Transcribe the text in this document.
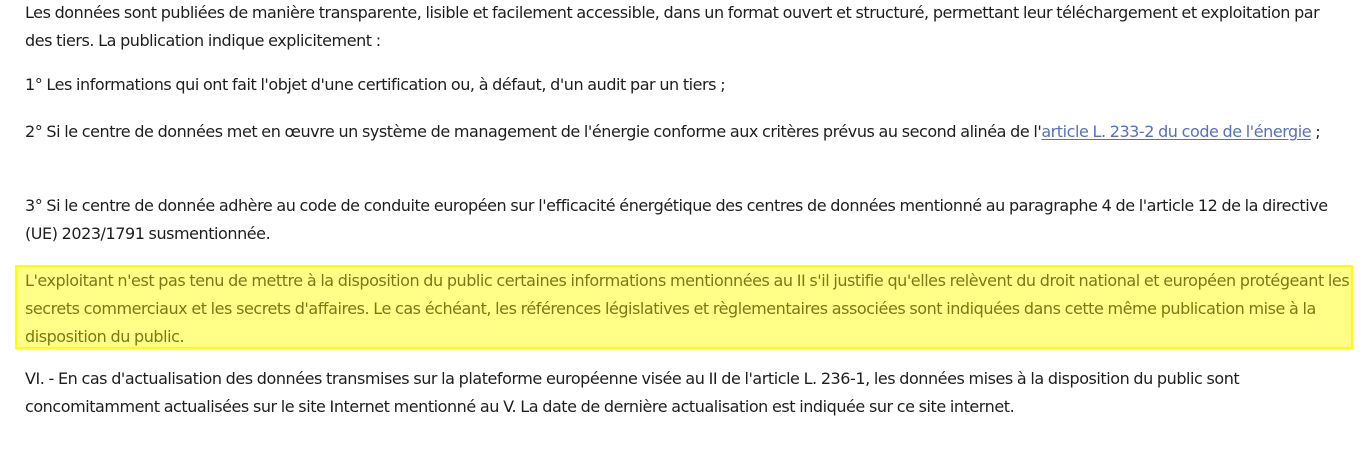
Les données sont publiées de manière transparente, lisible et facilement accessible, dans un format ouvert et structuré, permettant leur téléchargement et exploitation par des tiers. La publication indique explicitement :

1° Les informations qui ont fait l'objet d'une certification ou, à défaut, d'un audit par un tiers ;

2° Si le centre de données met en œuvre un système de management de l'énergie conforme aux critères prévus au second alinéa de l'article L. 233-2 du code de l'énergie ;

3° Si le centre de donnée adhère au code de conduite européen sur l'efficacité énergétique des centres de données mentionné au paragraphe 4 de l'article 12 de la directive (UE) 2023/1791 susmentionnée.

L'exploitant n'est pas tenu de mettre à la disposition du public certaines informations mentionnées au II s'il justifie qu'elles relèvent du droit national et européen protégeant les secrets commerciaux et les secrets d'affaires. Le cas échéant, les références législatives et règlementaires associées sont indiquées dans cette même publication mise à la disposition du public.

VI. - En cas d'actualisation des données transmises sur la plateforme européenne visée au II de l'article L. 236-1, les données mises à la disposition du public sont concomitamment actualisées sur le site Internet mentionné au V. La date de dernière actualisation est indiquée sur ce site internet.
